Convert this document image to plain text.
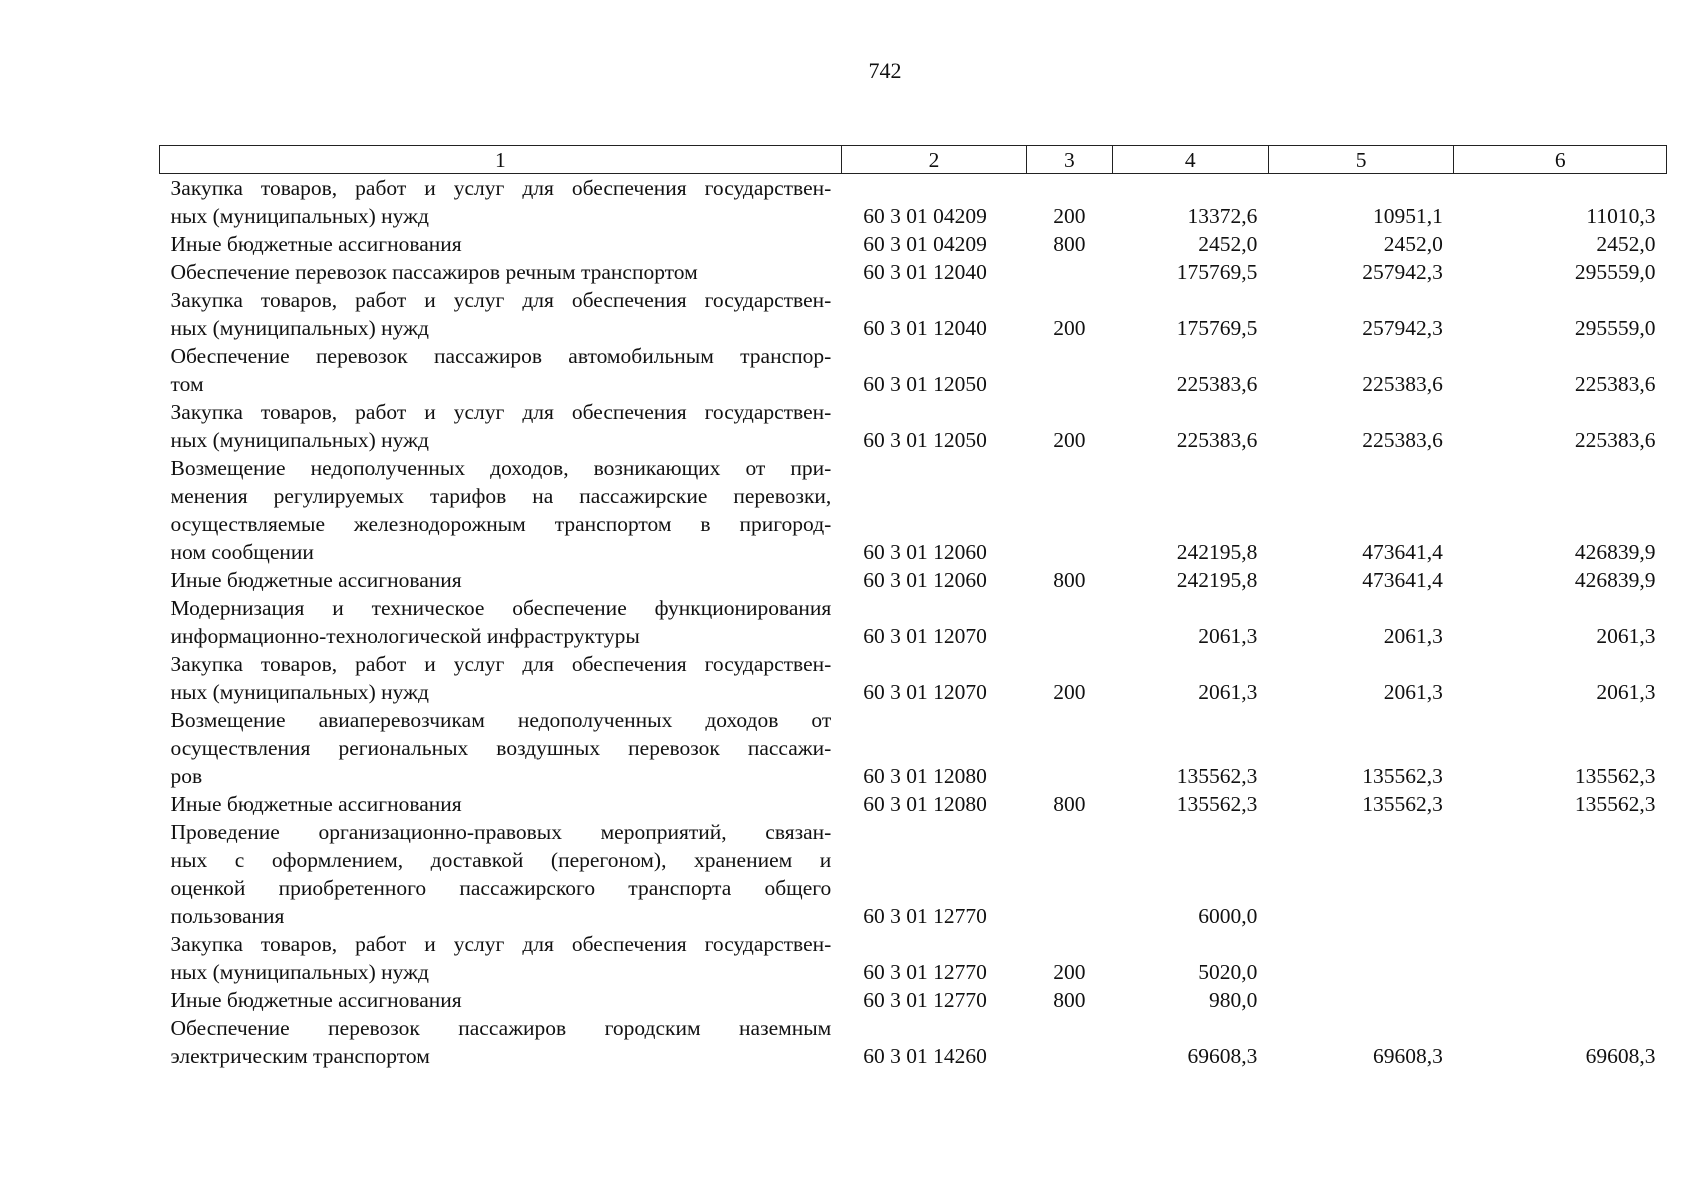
742
1	2	3	4	5	6

Закупка товаров, работ и услуг для обеспечения государствен-
ных (муниципальных) нужд	60 3 01 04209	200	13372,6	10951,1	11010,3

Иные бюджетные ассигнования	60 3 01 04209	800	2452,0	2452,0	2452,0

Обеспечение перевозок пассажиров речным транспортом	60 3 01 12040		175769,5	257942,3	295559,0

Закупка товаров, работ и услуг для обеспечения государствен-
ных (муниципальных) нужд	60 3 01 12040	200	175769,5	257942,3	295559,0

Обеспечение перевозок пассажиров автомобильным транспор-
том	60 3 01 12050		225383,6	225383,6	225383,6

Закупка товаров, работ и услуг для обеспечения государствен-
ных (муниципальных) нужд	60 3 01 12050	200	225383,6	225383,6	225383,6

Возмещение недополученных доходов, возникающих от при-
менения регулируемых тарифов на пассажирские перевозки,
осуществляемые железнодорожным транспортом в пригород-
ном сообщении	60 3 01 12060		242195,8	473641,4	426839,9

Иные бюджетные ассигнования	60 3 01 12060	800	242195,8	473641,4	426839,9

Модернизация и техническое обеспечение функционирования
информационно-технологической инфраструктуры	60 3 01 12070		2061,3	2061,3	2061,3

Закупка товаров, работ и услуг для обеспечения государствен-
ных (муниципальных) нужд	60 3 01 12070	200	2061,3	2061,3	2061,3

Возмещение авиаперевозчикам недополученных доходов от
осуществления региональных воздушных перевозок пассажи-
ров	60 3 01 12080		135562,3	135562,3	135562,3

Иные бюджетные ассигнования	60 3 01 12080	800	135562,3	135562,3	135562,3

Проведение организационно-правовых мероприятий, связан-
ных с оформлением, доставкой (перегоном), хранением и
оценкой приобретенного пассажирского транспорта общего
пользования	60 3 01 12770		6000,0		

Закупка товаров, работ и услуг для обеспечения государствен-
ных (муниципальных) нужд	60 3 01 12770	200	5020,0		

Иные бюджетные ассигнования	60 3 01 12770	800	980,0		

Обеспечение перевозок пассажиров городским наземным
электрическим транспортом	60 3 01 14260		69608,3	69608,3	69608,3
